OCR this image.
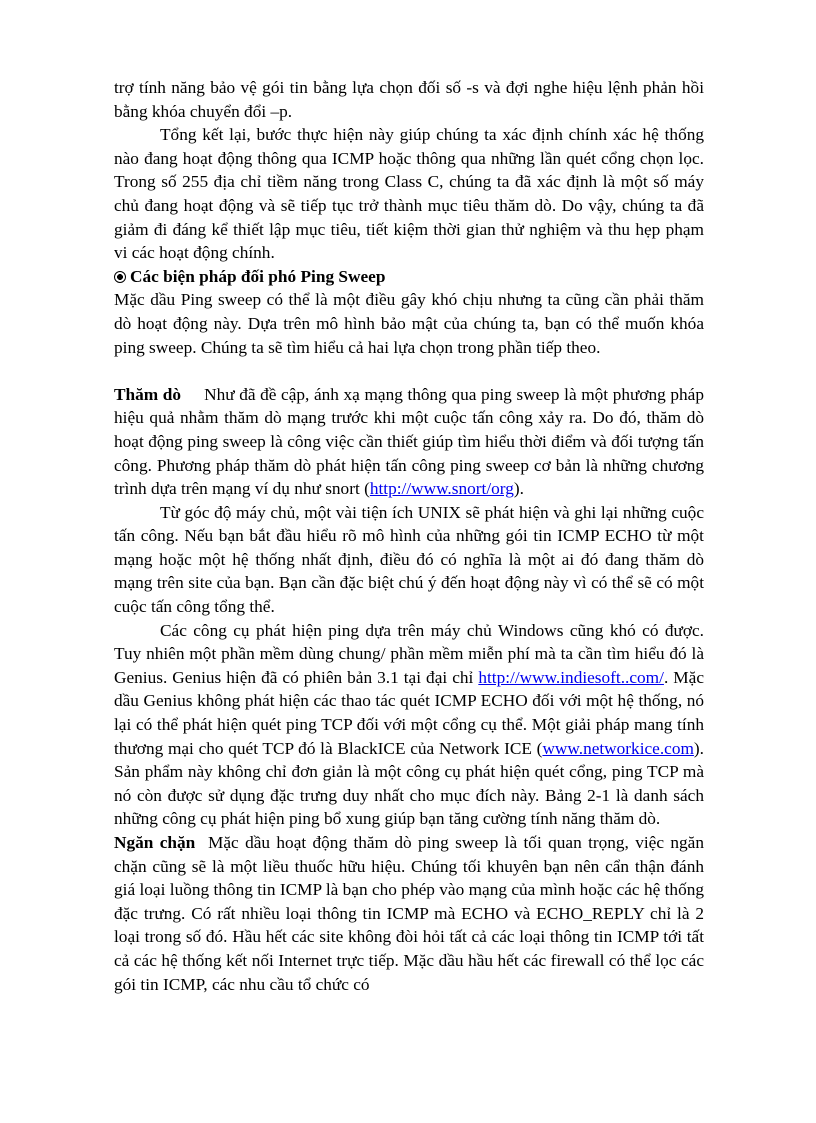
trợ tính năng bảo vệ gói tin bằng lựa chọn đối số -s và đợi nghe hiệu lệnh phản hồi bằng khóa chuyển đổi –p.

Tổng kết lại, bước thực hiện này giúp chúng ta xác định chính xác hệ thống nào đang hoạt động thông qua ICMP hoặc thông qua những lần quét cổng chọn lọc. Trong số 255 địa chỉ tiềm năng trong Class C, chúng ta đã xác định là một số máy chủ đang hoạt động và sẽ tiếp tục trở thành mục tiêu thăm dò. Do vậy, chúng ta đã giảm đi đáng kể thiết lập mục tiêu, tiết kiệm thời gian thử nghiệm và thu hẹp phạm vi các hoạt động chính.

Các biện pháp đối phó Ping Sweep

Mặc dầu Ping sweep có thể là một điều gây khó chịu nhưng ta cũng cần phải thăm dò hoạt động này. Dựa trên mô hình bảo mật của chúng ta, bạn có thể muốn khóa ping sweep. Chúng ta sẽ tìm hiểu cả hai lựa chọn trong phần tiếp theo.

Thăm dò Như đã đề cập, ánh xạ mạng thông qua ping sweep là một phương pháp hiệu quả nhằm thăm dò mạng trước khi một cuộc tấn công xảy ra. Do đó, thăm dò hoạt động ping sweep là công việc cần thiết giúp tìm hiểu thời điểm và đối tượng tấn công. Phương pháp thăm dò phát hiện tấn công ping sweep cơ bản là những chương trình dựa trên mạng ví dụ như snort (http://www.snort/org).

Từ góc độ máy chủ, một vài tiện ích UNIX sẽ phát hiện và ghi lại những cuộc tấn công. Nếu bạn bắt đầu hiểu rõ mô hình của những gói tin ICMP ECHO từ một mạng hoặc một hệ thống nhất định, điều đó có nghĩa là một ai đó đang thăm dò mạng trên site của bạn. Bạn cần đặc biệt chú ý đến hoạt động này vì có thể sẽ có một cuộc tấn công tổng thể.

Các công cụ phát hiện ping dựa trên máy chủ Windows cũng khó có được. Tuy nhiên một phần mềm dùng chung/ phần mềm miễn phí mà ta cần tìm hiểu đó là Genius. Genius hiện đã có phiên bản 3.1 tại đại chỉ http://www.indiesoft..com/. Mặc dầu Genius không phát hiện các thao tác quét ICMP ECHO đối với một hệ thống, nó lại có thể phát hiện quét ping TCP đối với một cổng cụ thể. Một giải pháp mang tính thương mại cho quét TCP đó là BlackICE của Network ICE (www.networkice.com). Sản phẩm này không chỉ đơn giản là một công cụ phát hiện quét cổng, ping TCP mà nó còn được sử dụng đặc trưng duy nhất cho mục đích này. Bảng 2-1 là danh sách những công cụ phát hiện ping bổ xung giúp bạn tăng cường tính năng thăm dò.

Ngăn chặn Mặc dầu hoạt động thăm dò ping sweep là tối quan trọng, việc ngăn chặn cũng sẽ là một liều thuốc hữu hiệu. Chúng tối khuyên bạn nên cẩn thận đánh giá loại luồng thông tin ICMP là bạn cho phép vào mạng của mình hoặc các hệ thống đặc trưng. Có rất nhiều loại thông tin ICMP mà ECHO và ECHO_REPLY chỉ là 2 loại trong số đó. Hầu hết các site không đòi hỏi tất cả các loại thông tin ICMP tới tất cả các hệ thống kết nối Internet trực tiếp. Mặc dầu hầu hết các firewall có thể lọc các gói tin ICMP, các nhu cầu tổ chức có
